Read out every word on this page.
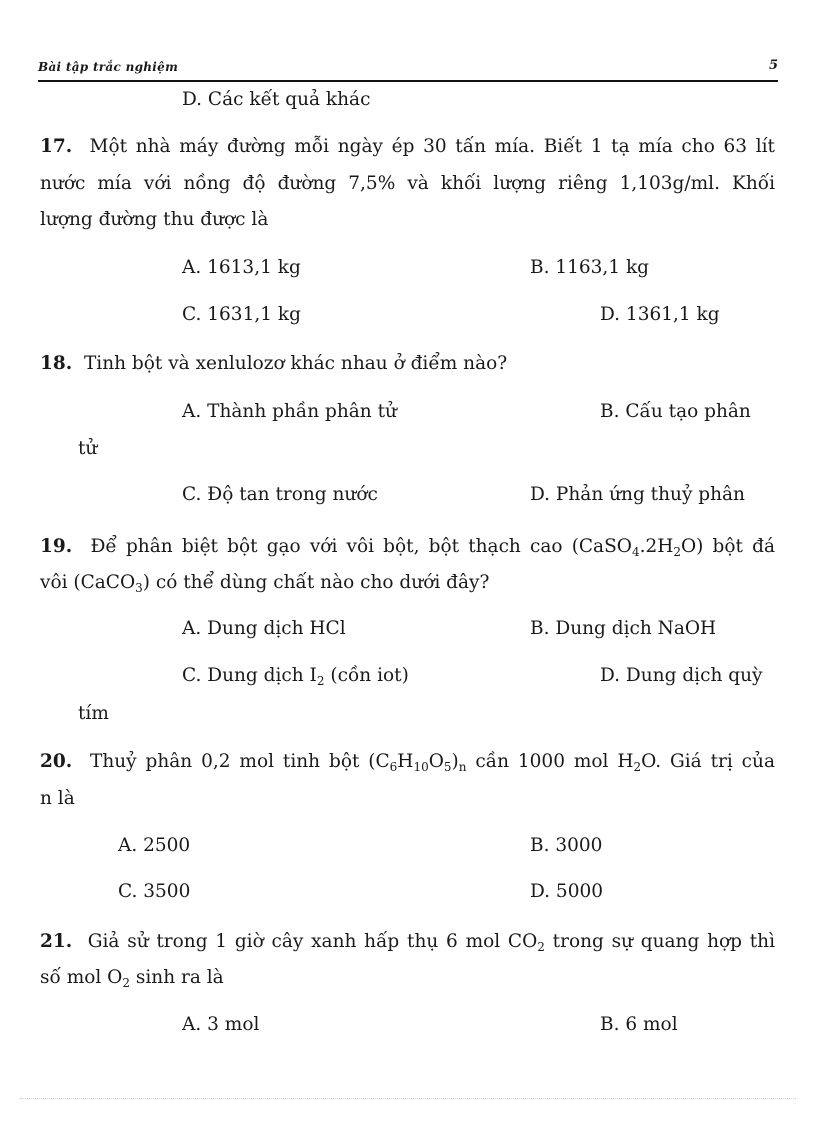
Bài tập trắc nghiệm	5
D. Các kết quả khác
17. Một nhà máy đường mỗi ngày ép 30 tấn mía. Biết 1 tạ mía cho 63 lít
nước mía với nồng độ đường 7,5% và khối lượng riêng 1,103g/ml. Khối
lượng đường thu được là
A. 1613,1 kg	B. 1163,1 kg
C. 1631,1 kg	D. 1361,1 kg
18. Tinh bột và xenlulozơ khác nhau ở điểm nào?
A. Thành phần phân tử	B. Cấu tạo phân
tử
C. Độ tan trong nước	D. Phản ứng thuỷ phân
19. Để phân biệt bột gạo với vôi bột, bột thạch cao $(CaSO_4.2H_2O)$ bột đá
vôi (CaCO$_3$) có thể dùng chất nào cho dưới đây?
A. Dung dịch HCl	B. Dung dịch NaOH
C. Dung dịch $I_2$ (cồn iot)	D. Dung dịch quỳ
tím
20. Thuỷ phân 0,2 mol tinh bột $(C_6H_{10}O_5)_n$ cần 1000 mol $H_2O$. Giá trị của
n là
A. 2500	B. 3000
C. 3500	D. 5000
21. Giả sử trong 1 giờ cây xanh hấp thụ 6 mol $CO_2$ trong sự quang hợp thì
số mol $O_2$ sinh ra là
A. 3 mol	B. 6 mol
